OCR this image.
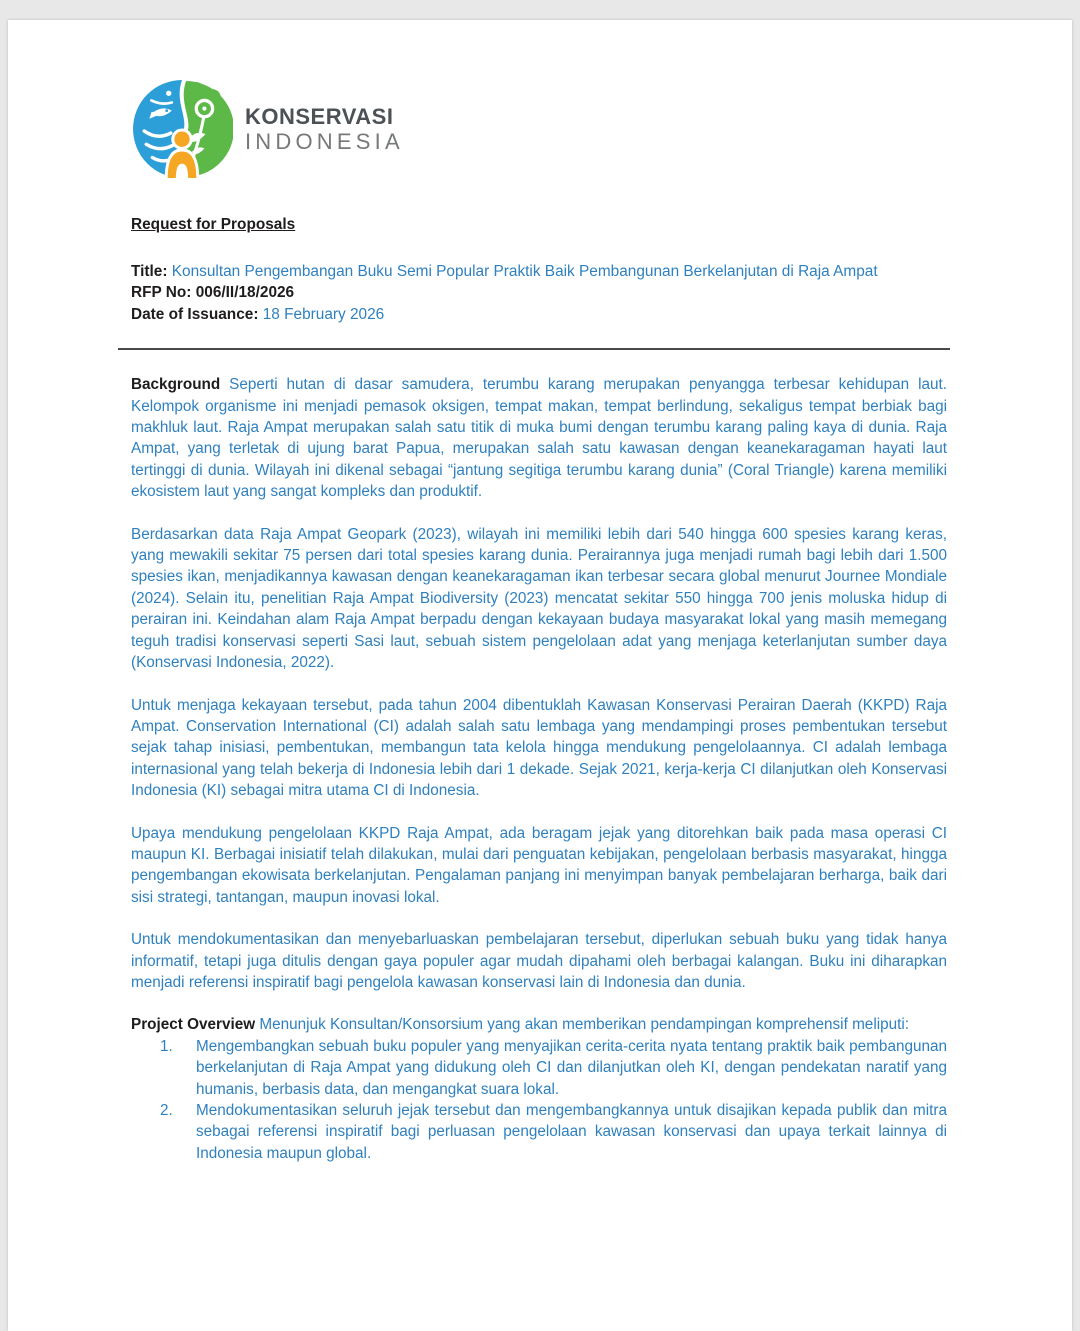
KONSERVASI
INDONESIA

Request for Proposals

Title: Konsultan Pengembangan Buku Semi Popular Praktik Baik Pembangunan Berkelanjutan di Raja Ampat

RFP No: 006/II/18/2026

Date of Issuance: 18 February 2026

Background Seperti hutan di dasar samudera, terumbu karang merupakan penyangga terbesar kehidupan laut. Kelompok organisme ini menjadi pemasok oksigen, tempat makan, tempat berlindung, sekaligus tempat berbiak bagi makhluk laut. Raja Ampat merupakan salah satu titik di muka bumi dengan terumbu karang paling kaya di dunia. Raja Ampat, yang terletak di ujung barat Papua, merupakan salah satu kawasan dengan keanekaragaman hayati laut tertinggi di dunia. Wilayah ini dikenal sebagai “jantung segitiga terumbu karang dunia” (Coral Triangle) karena memiliki ekosistem laut yang sangat kompleks dan produktif.

Berdasarkan data Raja Ampat Geopark (2023), wilayah ini memiliki lebih dari 540 hingga 600 spesies karang keras, yang mewakili sekitar 75 persen dari total spesies karang dunia. Perairannya juga menjadi rumah bagi lebih dari 1.500 spesies ikan, menjadikannya kawasan dengan keanekaragaman ikan terbesar secara global menurut Journee Mondiale (2024). Selain itu, penelitian Raja Ampat Biodiversity (2023) mencatat sekitar 550 hingga 700 jenis moluska hidup di perairan ini. Keindahan alam Raja Ampat berpadu dengan kekayaan budaya masyarakat lokal yang masih memegang teguh tradisi konservasi seperti Sasi laut, sebuah sistem pengelolaan adat yang menjaga keterlanjutan sumber daya (Konservasi Indonesia, 2022).

Untuk menjaga kekayaan tersebut, pada tahun 2004 dibentuklah Kawasan Konservasi Perairan Daerah (KKPD) Raja Ampat. Conservation International (CI) adalah salah satu lembaga yang mendampingi proses pembentukan tersebut sejak tahap inisiasi, pembentukan, membangun tata kelola hingga mendukung pengelolaannya. CI adalah lembaga internasional yang telah bekerja di Indonesia lebih dari 1 dekade. Sejak 2021, kerja-kerja CI dilanjutkan oleh Konservasi Indonesia (KI) sebagai mitra utama CI di Indonesia.

Upaya mendukung pengelolaan KKPD Raja Ampat, ada beragam jejak yang ditorehkan baik pada masa operasi CI maupun KI. Berbagai inisiatif telah dilakukan, mulai dari penguatan kebijakan, pengelolaan berbasis masyarakat, hingga pengembangan ekowisata berkelanjutan. Pengalaman panjang ini menyimpan banyak pembelajaran berharga, baik dari sisi strategi, tantangan, maupun inovasi lokal.

Untuk mendokumentasikan dan menyebarluaskan pembelajaran tersebut, diperlukan sebuah buku yang tidak hanya informatif, tetapi juga ditulis dengan gaya populer agar mudah dipahami oleh berbagai kalangan. Buku ini diharapkan menjadi referensi inspiratif bagi pengelola kawasan konservasi lain di Indonesia dan dunia.

Project Overview Menunjuk Konsultan/Konsorsium yang akan memberikan pendampingan komprehensif meliputi:

1.	Mengembangkan sebuah buku populer yang menyajikan cerita-cerita nyata tentang praktik baik pembangunan berkelanjutan di Raja Ampat yang didukung oleh CI dan dilanjutkan oleh KI, dengan pendekatan naratif yang humanis, berbasis data, dan mengangkat suara lokal.
2.	Mendokumentasikan seluruh jejak tersebut dan mengembangkannya untuk disajikan kepada publik dan mitra sebagai referensi inspiratif bagi perluasan pengelolaan kawasan konservasi dan upaya terkait lainnya di Indonesia maupun global.
